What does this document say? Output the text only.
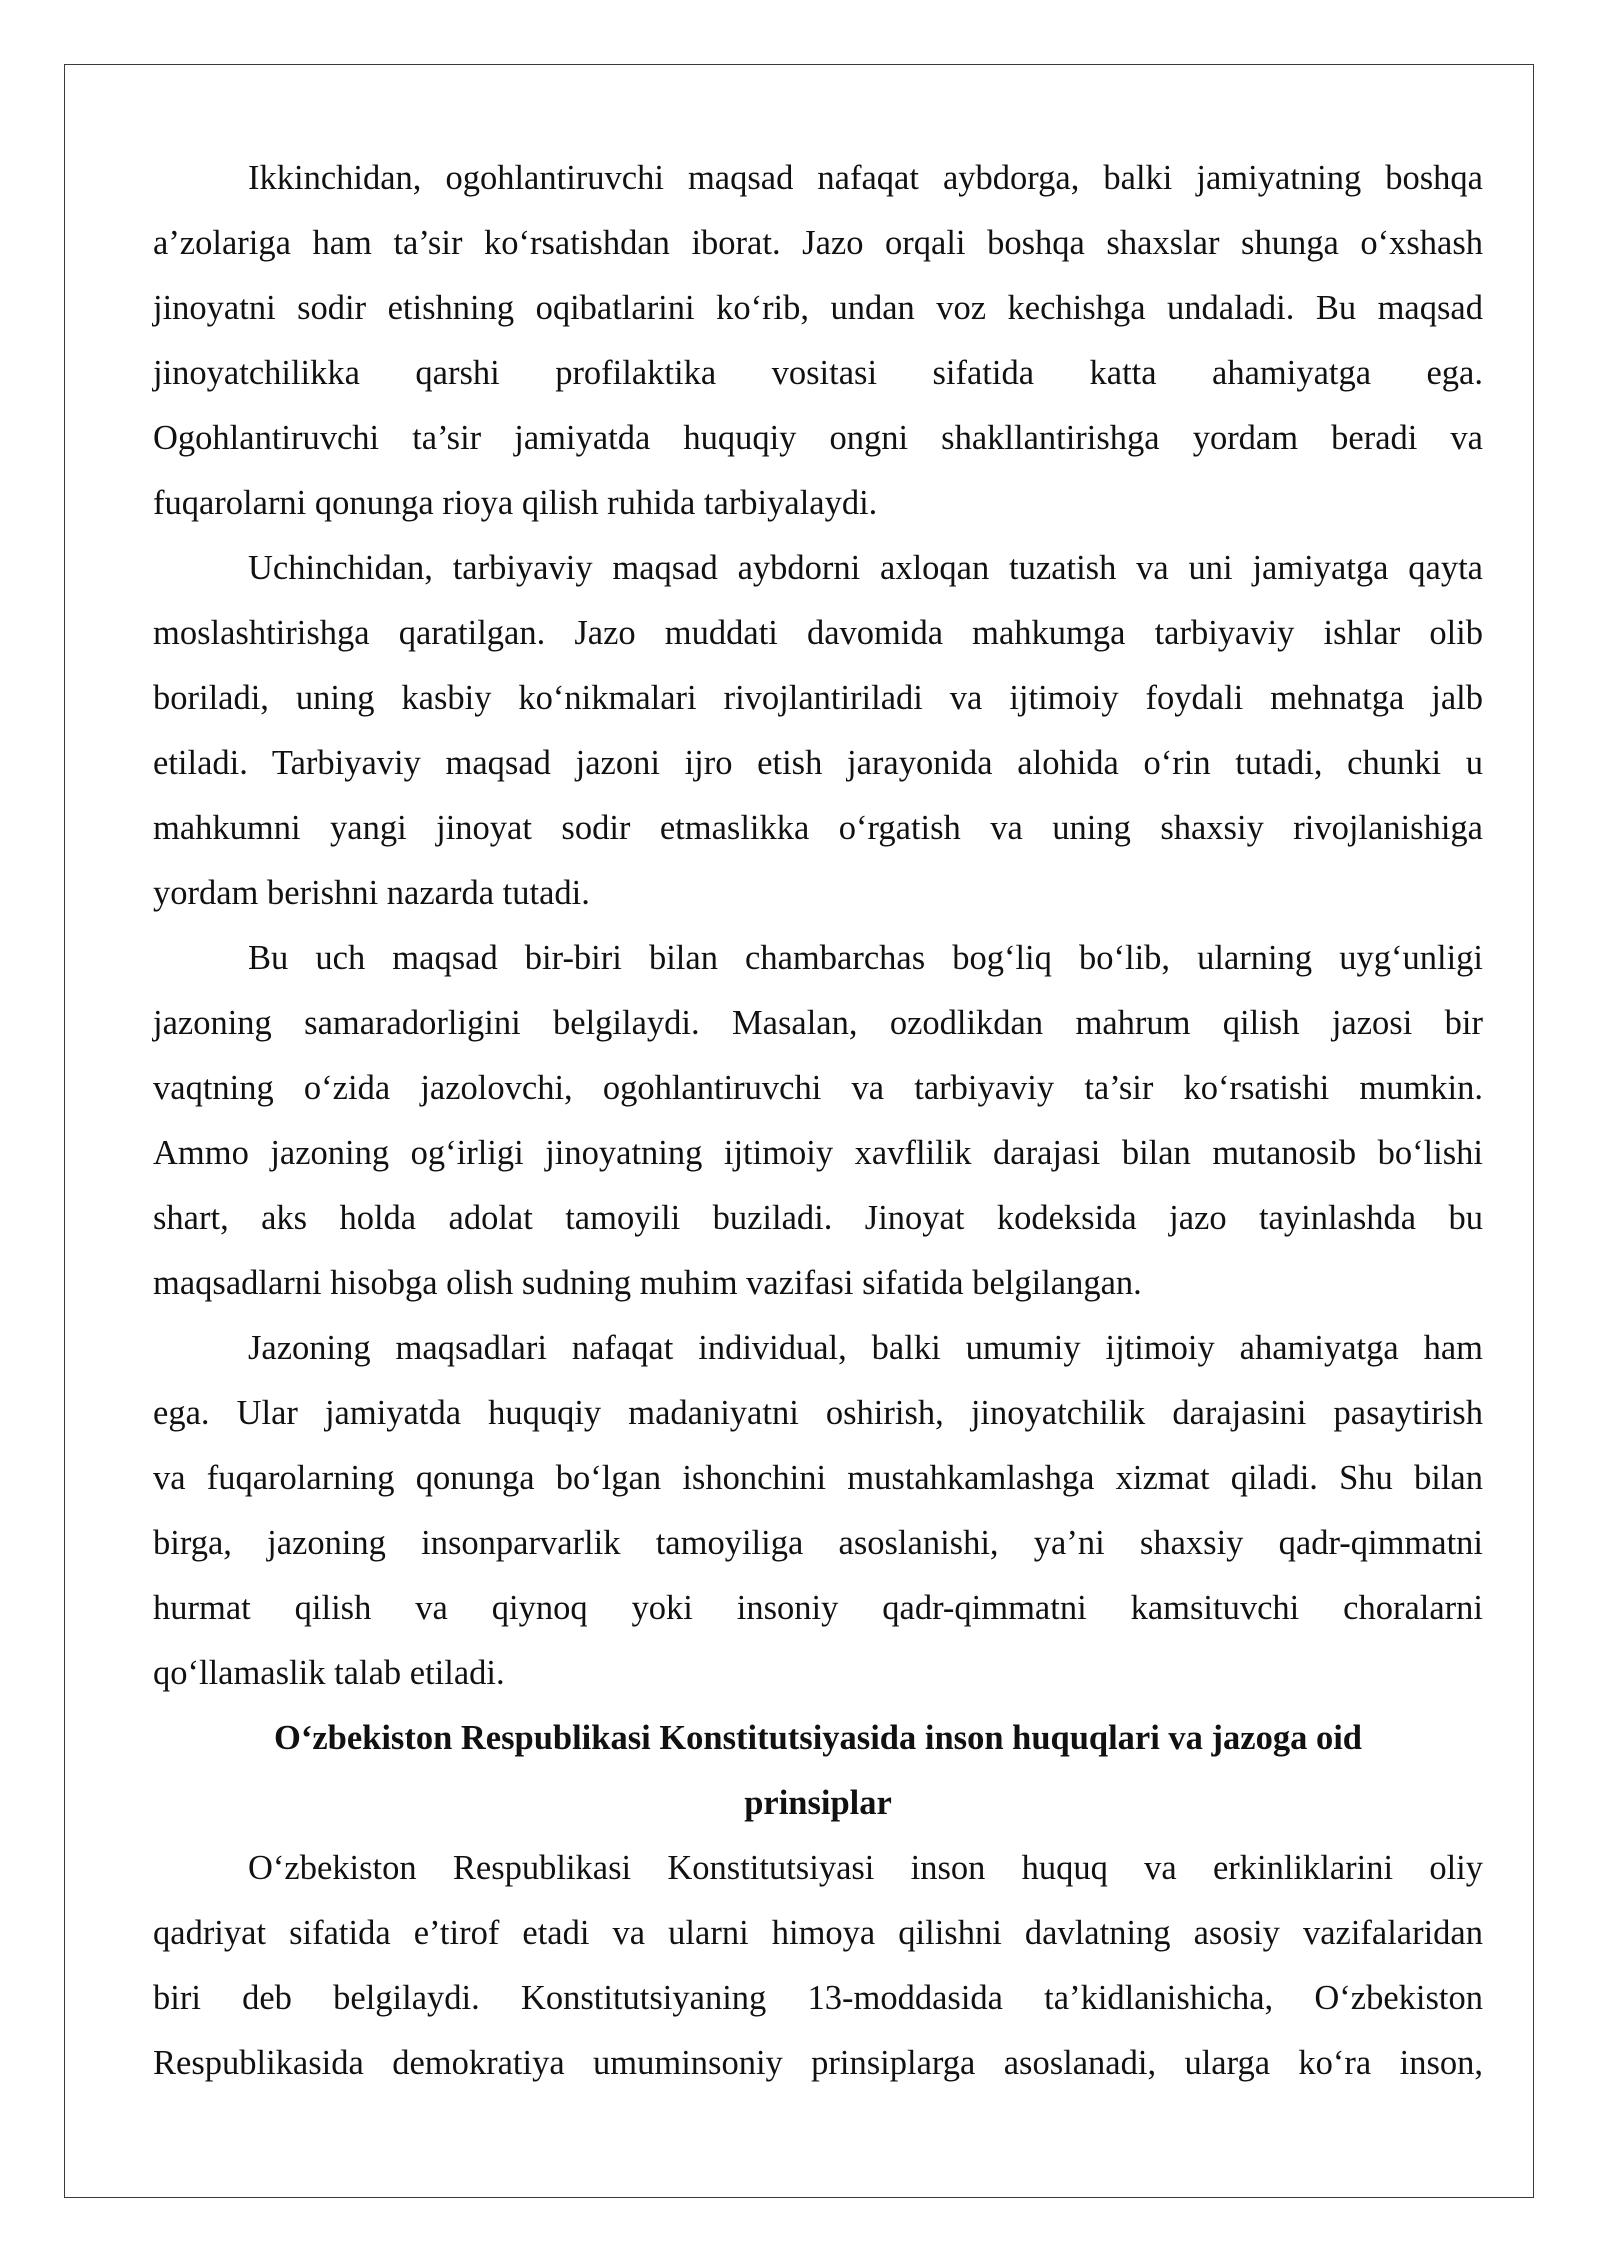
Ikkinchidan, ogohlantiruvchi maqsad nafaqat aybdorga, balki jamiyatning boshqa
a’zolariga ham ta’sir ko‘rsatishdan iborat. Jazo orqali boshqa shaxslar shunga o‘xshash
jinoyatni sodir etishning oqibatlarini ko‘rib, undan voz kechishga undaladi. Bu maqsad
jinoyatchilikka qarshi profilaktika vositasi sifatida katta ahamiyatga ega.
Ogohlantiruvchi ta’sir jamiyatda huquqiy ongni shakllantirishga yordam beradi va
fuqarolarni qonunga rioya qilish ruhida tarbiyalaydi.
Uchinchidan, tarbiyaviy maqsad aybdorni axloqan tuzatish va uni jamiyatga qayta
moslashtirishga qaratilgan. Jazo muddati davomida mahkumga tarbiyaviy ishlar olib
boriladi, uning kasbiy ko‘nikmalari rivojlantiriladi va ijtimoiy foydali mehnatga jalb
etiladi. Tarbiyaviy maqsad jazoni ijro etish jarayonida alohida o‘rin tutadi, chunki u
mahkumni yangi jinoyat sodir etmaslikka o‘rgatish va uning shaxsiy rivojlanishiga
yordam berishni nazarda tutadi.
Bu uch maqsad bir-biri bilan chambarchas bog‘liq bo‘lib, ularning uyg‘unligi
jazoning samaradorligini belgilaydi. Masalan, ozodlikdan mahrum qilish jazosi bir
vaqtning o‘zida jazolovchi, ogohlantiruvchi va tarbiyaviy ta’sir ko‘rsatishi mumkin.
Ammo jazoning og‘irligi jinoyatning ijtimoiy xavflilik darajasi bilan mutanosib bo‘lishi
shart, aks holda adolat tamoyili buziladi. Jinoyat kodeksida jazo tayinlashda bu
maqsadlarni hisobga olish sudning muhim vazifasi sifatida belgilangan.
Jazoning maqsadlari nafaqat individual, balki umumiy ijtimoiy ahamiyatga ham
ega. Ular jamiyatda huquqiy madaniyatni oshirish, jinoyatchilik darajasini pasaytirish
va fuqarolarning qonunga bo‘lgan ishonchini mustahkamlashga xizmat qiladi. Shu bilan
birga, jazoning insonparvarlik tamoyiliga asoslanishi, ya’ni shaxsiy qadr-qimmatni
hurmat qilish va qiynoq yoki insoniy qadr-qimmatni kamsituvchi choralarni
qo‘llamaslik talab etiladi.
O‘zbekiston Respublikasi Konstitutsiyasida inson huquqlari va jazoga oid
prinsiplar
O‘zbekiston Respublikasi Konstitutsiyasi inson huquq va erkinliklarini oliy
qadriyat sifatida e’tirof etadi va ularni himoya qilishni davlatning asosiy vazifalaridan
biri deb belgilaydi. Konstitutsiyaning 13-moddasida ta’kidlanishicha, O‘zbekiston
Respublikasida demokratiya umuminsoniy prinsiplarga asoslanadi, ularga ko‘ra inson,
